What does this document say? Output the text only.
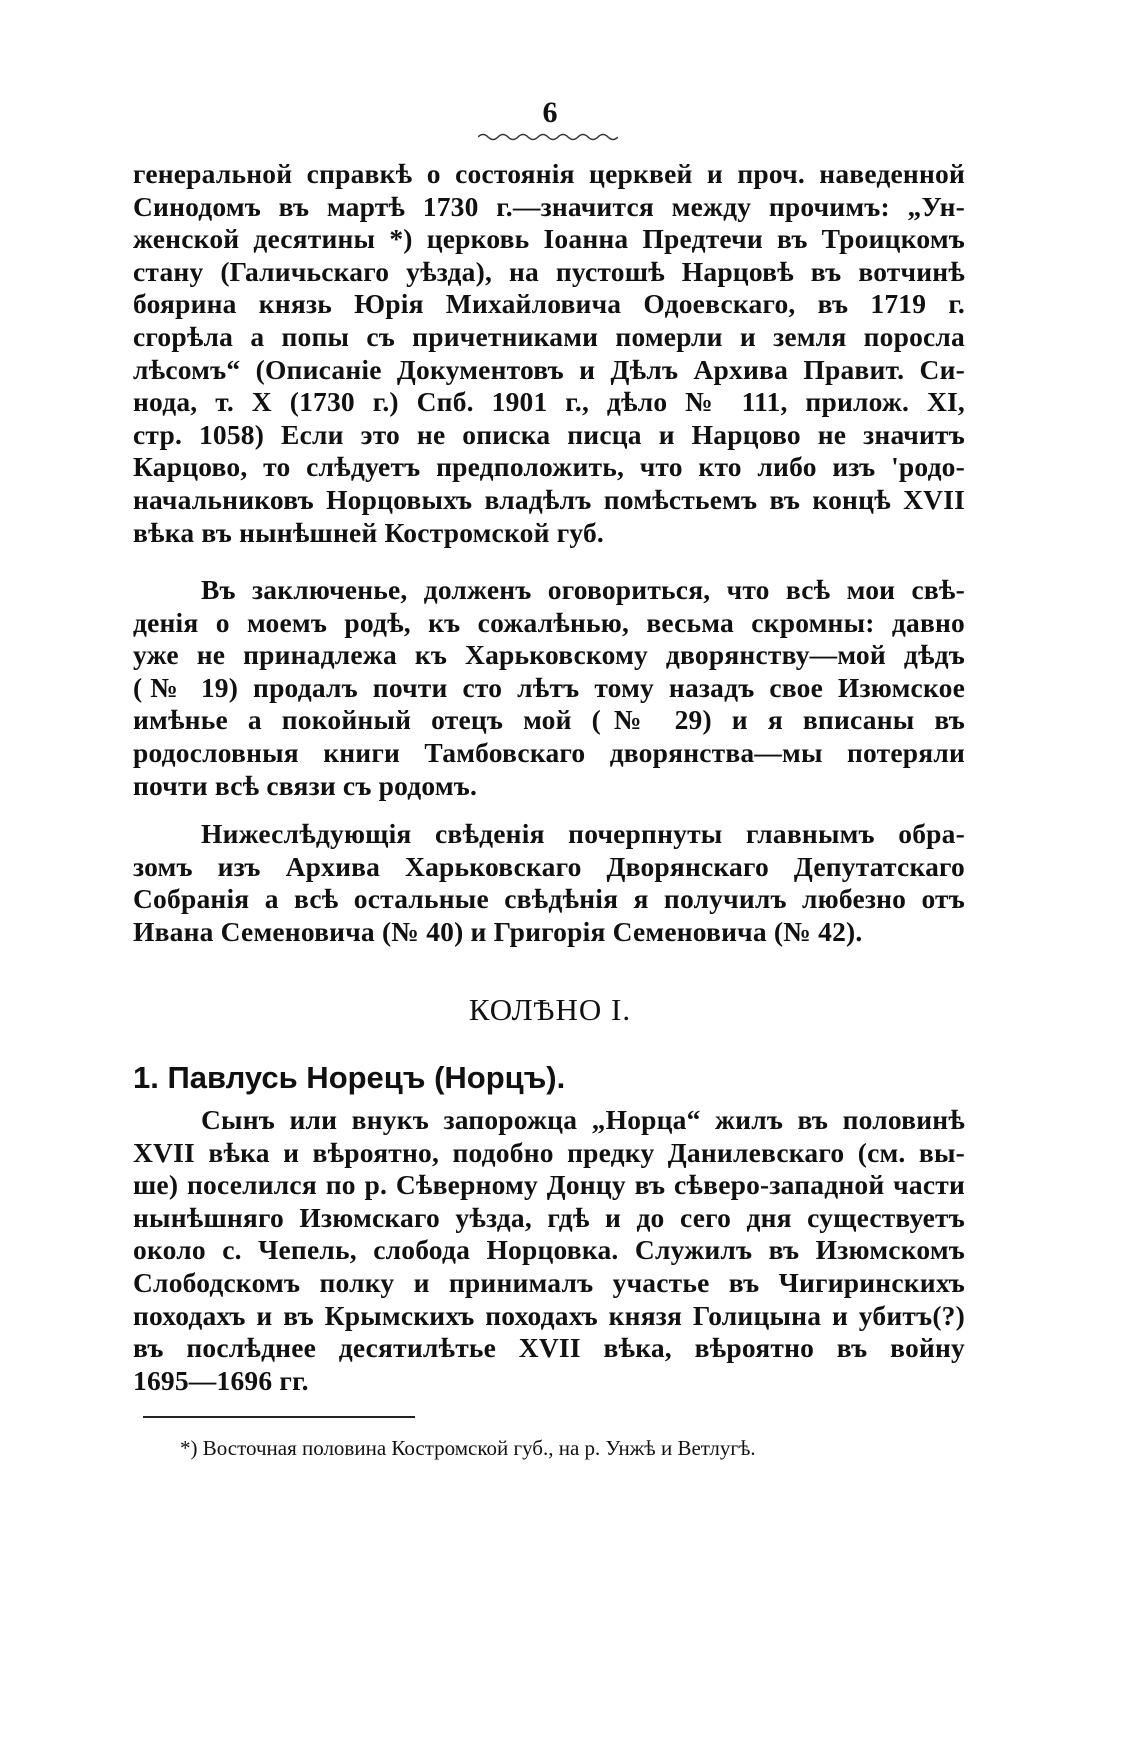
6
генеральной справкѣ о состоянія церквей и проч. наведенной
Синодомъ въ мартѣ 1730 г.—значится между прочимъ: „Ун-
женской десятины *) церковь Іоанна Предтечи въ Троицкомъ
стану (Галичьскаго уѣзда), на пустошѣ Нарцовѣ въ вотчинѣ
боярина князь Юрія Михайловича Одоевскаго, въ 1719 г.
сгорѣла а попы съ причетниками померли и земля поросла
лѣсомъ“ (Описаніе Документовъ и Дѣлъ Архива Правит. Си-
нода, т. X (1730 г.) Спб. 1901 г., дѣло № 111, прилож. XI,
стр. 1058) Если это не описка писца и Нарцово не значитъ
Карцово, то слѣдуетъ предположить, что кто либо изъ 'родо-
начальниковъ Норцовыхъ владѣлъ помѣстьемъ въ концѣ XVII
вѣка въ нынѣшней Костромской губ.
Въ заключенье, долженъ оговориться, что всѣ мои свѣ-
денія о моемъ родѣ, къ сожалѣнью, весьма скромны: давно
уже не принадлежа къ Харьковскому дворянству—мой дѣдъ
(№ 19) продалъ почти сто лѣтъ тому назадъ свое Изюмское
имѣнье а покойный отецъ мой (№ 29) и я вписаны въ
родословныя книги Тамбовскаго дворянства—мы потеряли
почти всѣ связи съ родомъ.
Нижеслѣдующія свѣденія почерпнуты главнымъ обра-
зомъ изъ Архива Харьковскаго Дворянскаго Депутатскаго
Собранія а всѣ остальные свѣдѣнія я получилъ любезно отъ
Ивана Семеновича (№ 40) и Григорія Семеновича (№ 42).
КОЛѢНО I.
1. Павлусь Норецъ (Норцъ).
Сынъ или внукъ запорожца „Норца“ жилъ въ половинѣ
XVII вѣка и вѣроятно, подобно предку Данилевскаго (см. вы-
ше) поселился по р. Сѣверному Донцу въ сѣверо-западной части
нынѣшняго Изюмскаго уѣзда, гдѣ и до сего дня существуетъ
около с. Чепель, слобода Норцовка. Служилъ въ Изюмскомъ
Слободскомъ полку и принималъ участье въ Чигиринскихъ
походахъ и въ Крымскихъ походахъ князя Голицына и убитъ(?)
въ послѣднее десятилѣтье XVII вѣка, вѣроятно въ войну
1695—1696 гг.
*) Восточная половина Костромской губ., на р. Унжѣ и Ветлугѣ.
